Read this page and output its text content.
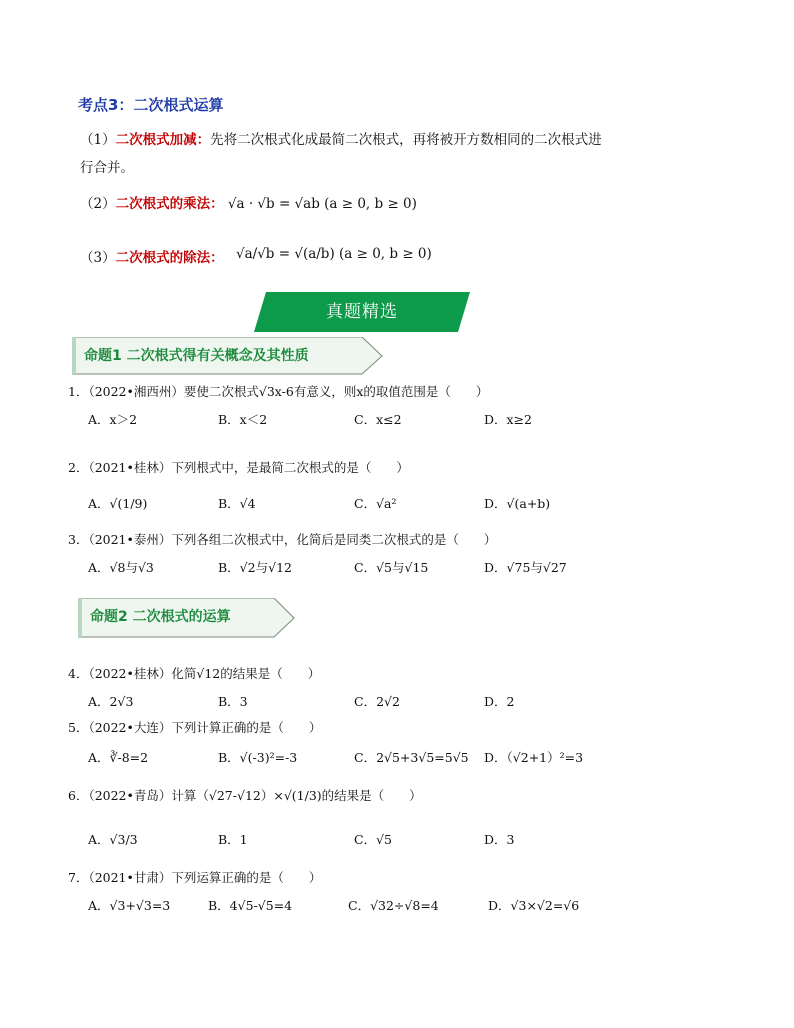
考点3：二次根式运算
（1）二次根式加减：先将二次根式化成最简二次根式，再将被开方数相同的二次根式进
行合并。
（2）二次根式的乘法： √a · √b = √ab (a ≥ 0, b ≥ 0)
（3）二次根式的除法： √a/√b = √(a/b) (a ≥ 0, b ≥ 0)
真题精选
命题1 二次根式得有关概念及其性质
1．（2022•湘西州）要使二次根式√3x-6有意义，则x的取值范围是（　　）
A．x＞2	B．x＜2	C．x≤2	D．x≥2
2．（2021•桂林）下列根式中，是最简二次根式的是（　　）
A．√(1/9)	B．√4	C．√a²	D．√(a+b)
3．（2021•泰州）下列各组二次根式中，化简后是同类二次根式的是（　　）
A．√8与√3	B．√2与√12	C．√5与√15	D．√75与√27
命题2 二次根式的运算
4．（2022•桂林）化简√12的结果是（　　）
A．2√3	B．3	C．2√2	D．2
5．（2022•大连）下列计算正确的是（　　）
A．∛-8=2	B．√(-3)²=-3	C．2√5+3√5=5√5 D．（√2+1）²=3
6．（2022•青岛）计算（√27-√12）×√(1/3)的结果是（　　）
A．√3/3	B．1	C．√5	D．3
7．（2021•甘肃）下列运算正确的是（　　）
A．√3+√3=3	B．4√5-√5=4	C．√32÷√8=4	D．√3×√2=√6
